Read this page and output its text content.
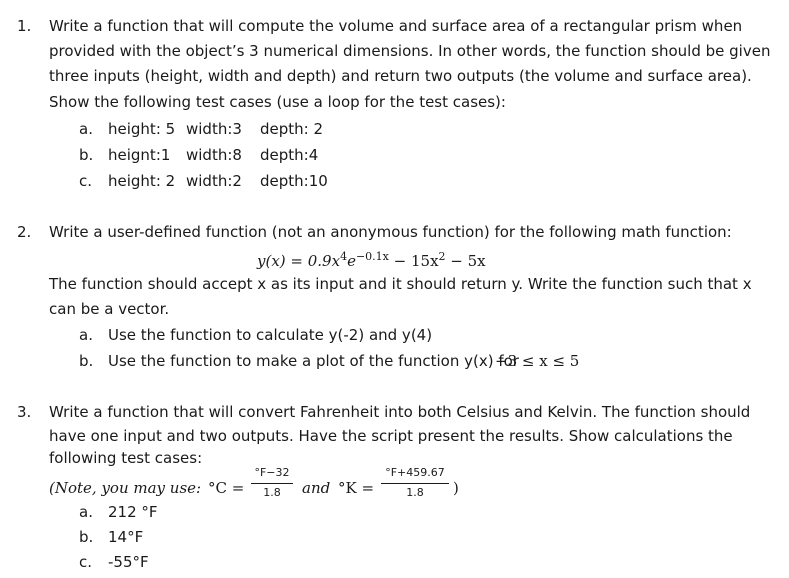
1. Write a function that will compute the volume and surface area of a rectangular prism when
provided with the object’s 3 numerical dimensions. In other words, the function should be given
three inputs (height, width and depth) and return two outputs (the volume and surface area).
Show the following test cases (use a loop for the test cases):
a. height: 5 width:3 depth: 2
b. heignt:1 width:8 depth:4
c. height: 2 width:2 depth:10
2. Write a user-defined function (not an anonymous function) for the following math function:
$y(x) = 0.9x^4e^{-0.1x} - 15x^2 - 5x$
The function should accept x as its input and it should return y. Write the function such that x
can be a vector.
a. Use the function to calculate y(-2) and y(4)
b. Use the function to make a plot of the function y(x) for
−3 ≤ x ≤ 5
3. Write a function that will convert Fahrenheit into both Celsius and Kelvin. The function should
have one input and two outputs. Have the script present the results. Show calculations the
following test cases:
(Note, you may use: °C =
°F−32
1.8	and °K =
°F+459.67
1.8	)
a. 212 °F
b. 14°F
c. -55°F
